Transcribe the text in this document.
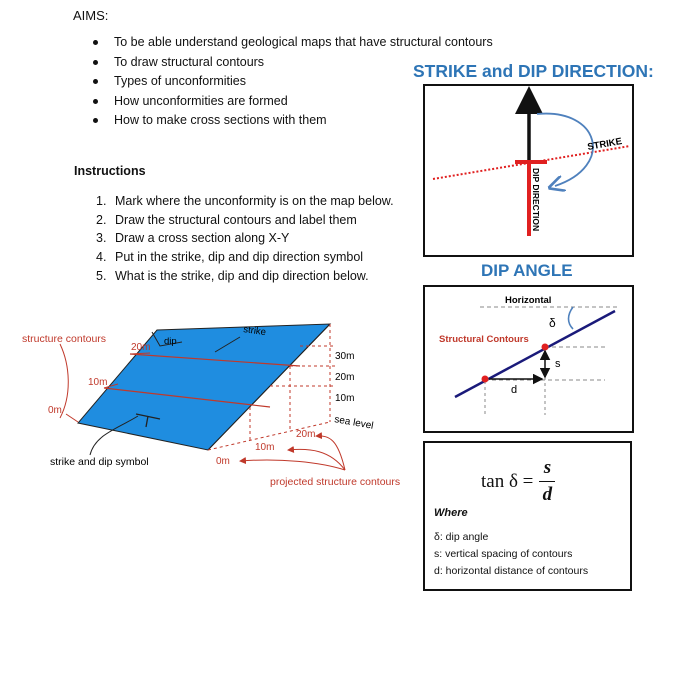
AIMS:
To be able understand geological maps that have structural contours
To draw structural contours
Types of unconformities
How unconformities are formed
How to make cross sections with them
Instructions
1. Mark where the unconformity is on the map below.
2. Draw the structural contours and label them
3. Draw a cross section along X-Y
4. Put in the strike, dip and dip direction symbol
5. What is the strike, dip and dip direction below.
STRIKE and DIP DIRECTION:
STRIKE
DIP DIRECTION
DIP ANGLE
Horizontal
δ
s
d
Structural Contours
$\tan \delta = \frac{s}{d}$
Where
δ: dip angle
s: vertical spacing of contours
d: horizontal distance of contours
structure contours
strike
dip
20m
10m
0m
30m
20m
10m
sea level
20m
10m
0m
strike and dip symbol
projected structure contours
